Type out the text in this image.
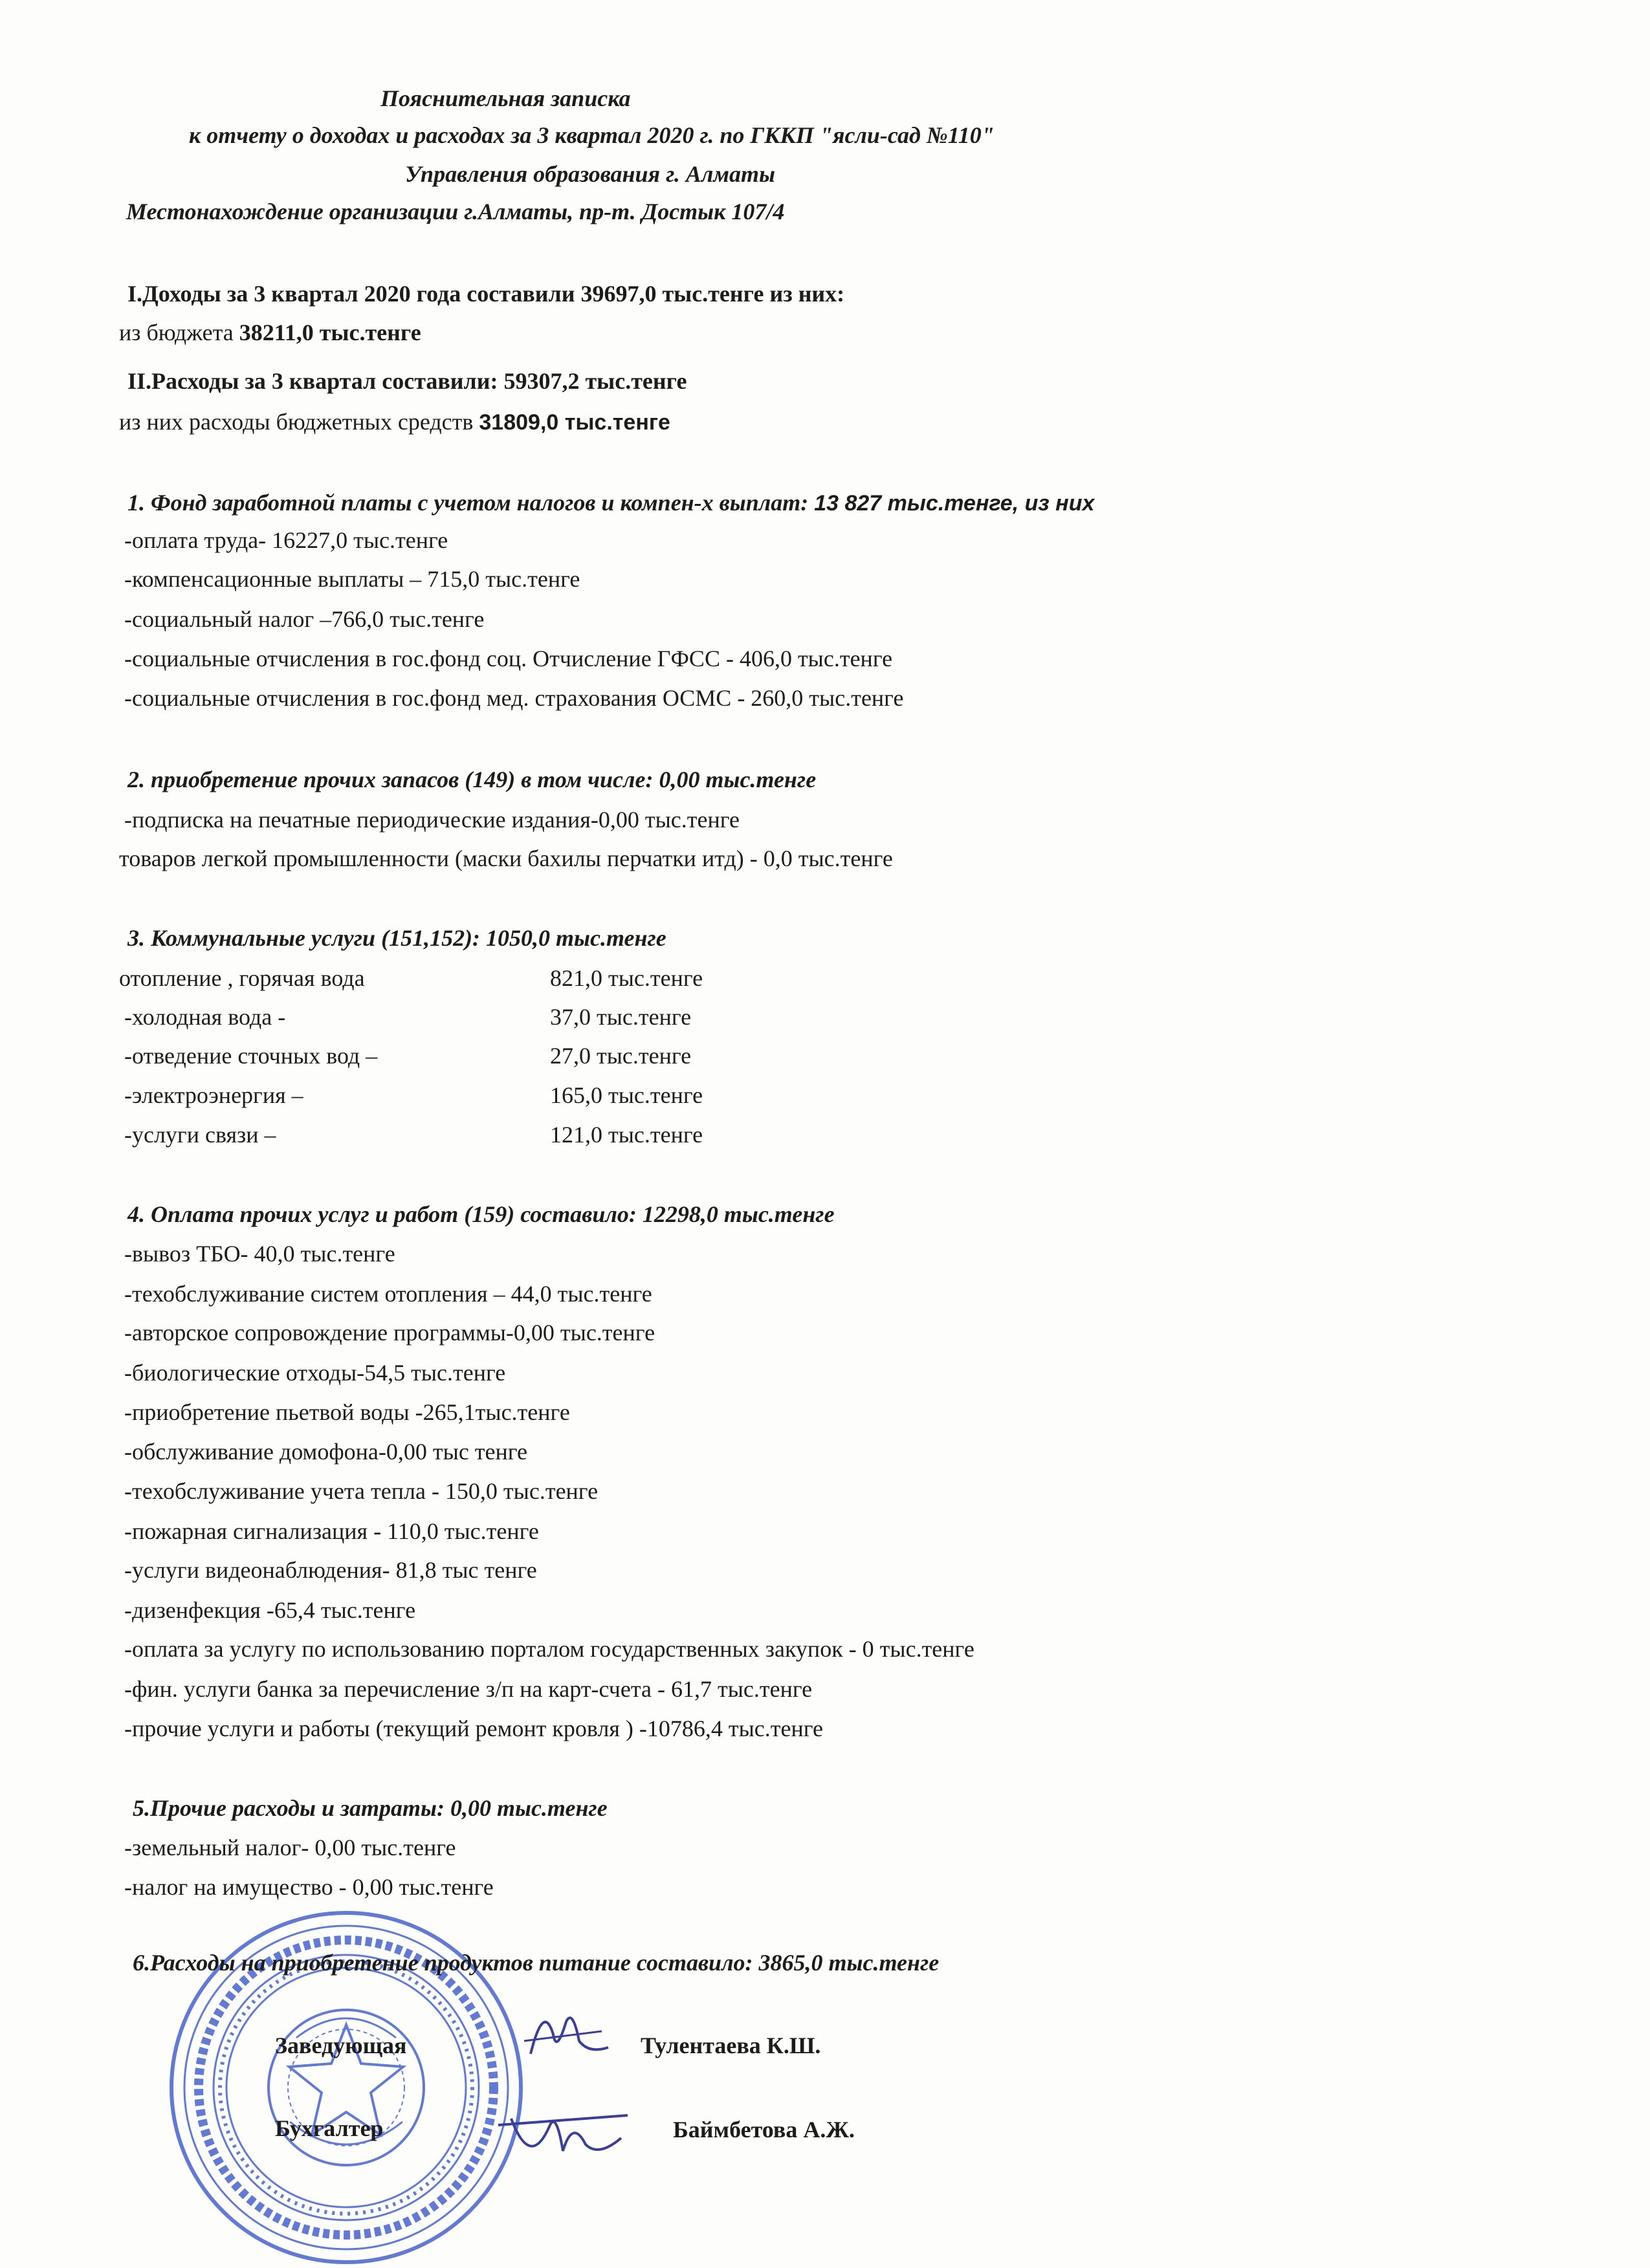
Пояснительная записка
к отчету о доходах и расходах за 3 квартал 2020 г. по ГККП "ясли-сад №110"
Управления образования г. Алматы
Местонахождение организации г.Алматы, пр-т. Достык 107/4
I.Доходы за 3 квартал 2020 года составили 39697,0 тыс.тенге из них:
из бюджета 38211,0 тыс.тенге
II.Расходы за 3 квартал составили: 59307,2 тыс.тенге
из них расходы бюджетных средств 31809,0 тыс.тенге
1. Фонд заработной платы с учетом налогов и компен-х выплат: 13 827 тыс.тенге, из них
-оплата труда- 16227,0 тыс.тенге
-компенсационные выплаты – 715,0 тыс.тенге
-социальный налог –766,0 тыс.тенге
-социальные отчисления в гос.фонд соц. Отчисление ГФСС - 406,0 тыс.тенге
-социальные отчисления в гос.фонд мед. страхования ОСМС - 260,0 тыс.тенге
2. приобретение прочих запасов (149) в том числе: 0,00 тыс.тенге
-подписка на печатные периодические издания-0,00 тыс.тенге
товаров легкой промышленности (маски бахилы перчатки итд) - 0,0 тыс.тенге
3. Коммунальные услуги (151,152): 1050,0 тыс.тенге
отопление , горячая вода	821,0 тыс.тенге
-холодная вода -	37,0 тыс.тенге
-отведение сточных вод –	27,0 тыс.тенге
-электроэнергия –	165,0 тыс.тенге
-услуги связи –	121,0 тыс.тенге
4. Оплата прочих услуг и работ (159) составило: 12298,0 тыс.тенге
-вывоз ТБО- 40,0 тыс.тенге
-техобслуживание систем отопления – 44,0 тыс.тенге
-авторское сопровождение программы-0,00 тыс.тенге
-биологические отходы-54,5 тыс.тенге
-приобретение пьетвой воды -265,1тыс.тенге
-обслуживание домофона-0,00 тыс тенге
-техобслуживание учета тепла - 150,0 тыс.тенге
-пожарная сигнализация - 110,0 тыс.тенге
-услуги видеонаблюдения- 81,8 тыс тенге
-дизенфекция -65,4 тыс.тенге
-оплата за услугу по использованию порталом государственных закупок - 0 тыс.тенге
-фин. услуги банка за перечисление з/п на карт-счета - 61,7 тыс.тенге
-прочие услуги и работы (текущий ремонт кровля ) -10786,4 тыс.тенге
5.Прочие расходы и затраты: 0,00 тыс.тенге
-земельный налог- 0,00 тыс.тенге
-налог на имущество - 0,00 тыс.тенге
6.Расходы на приобретение продуктов питание составило: 3865,0 тыс.тенге
Заведующая	Тулентаева К.Ш.
Бухгалтер	Баймбетова А.Ж.
